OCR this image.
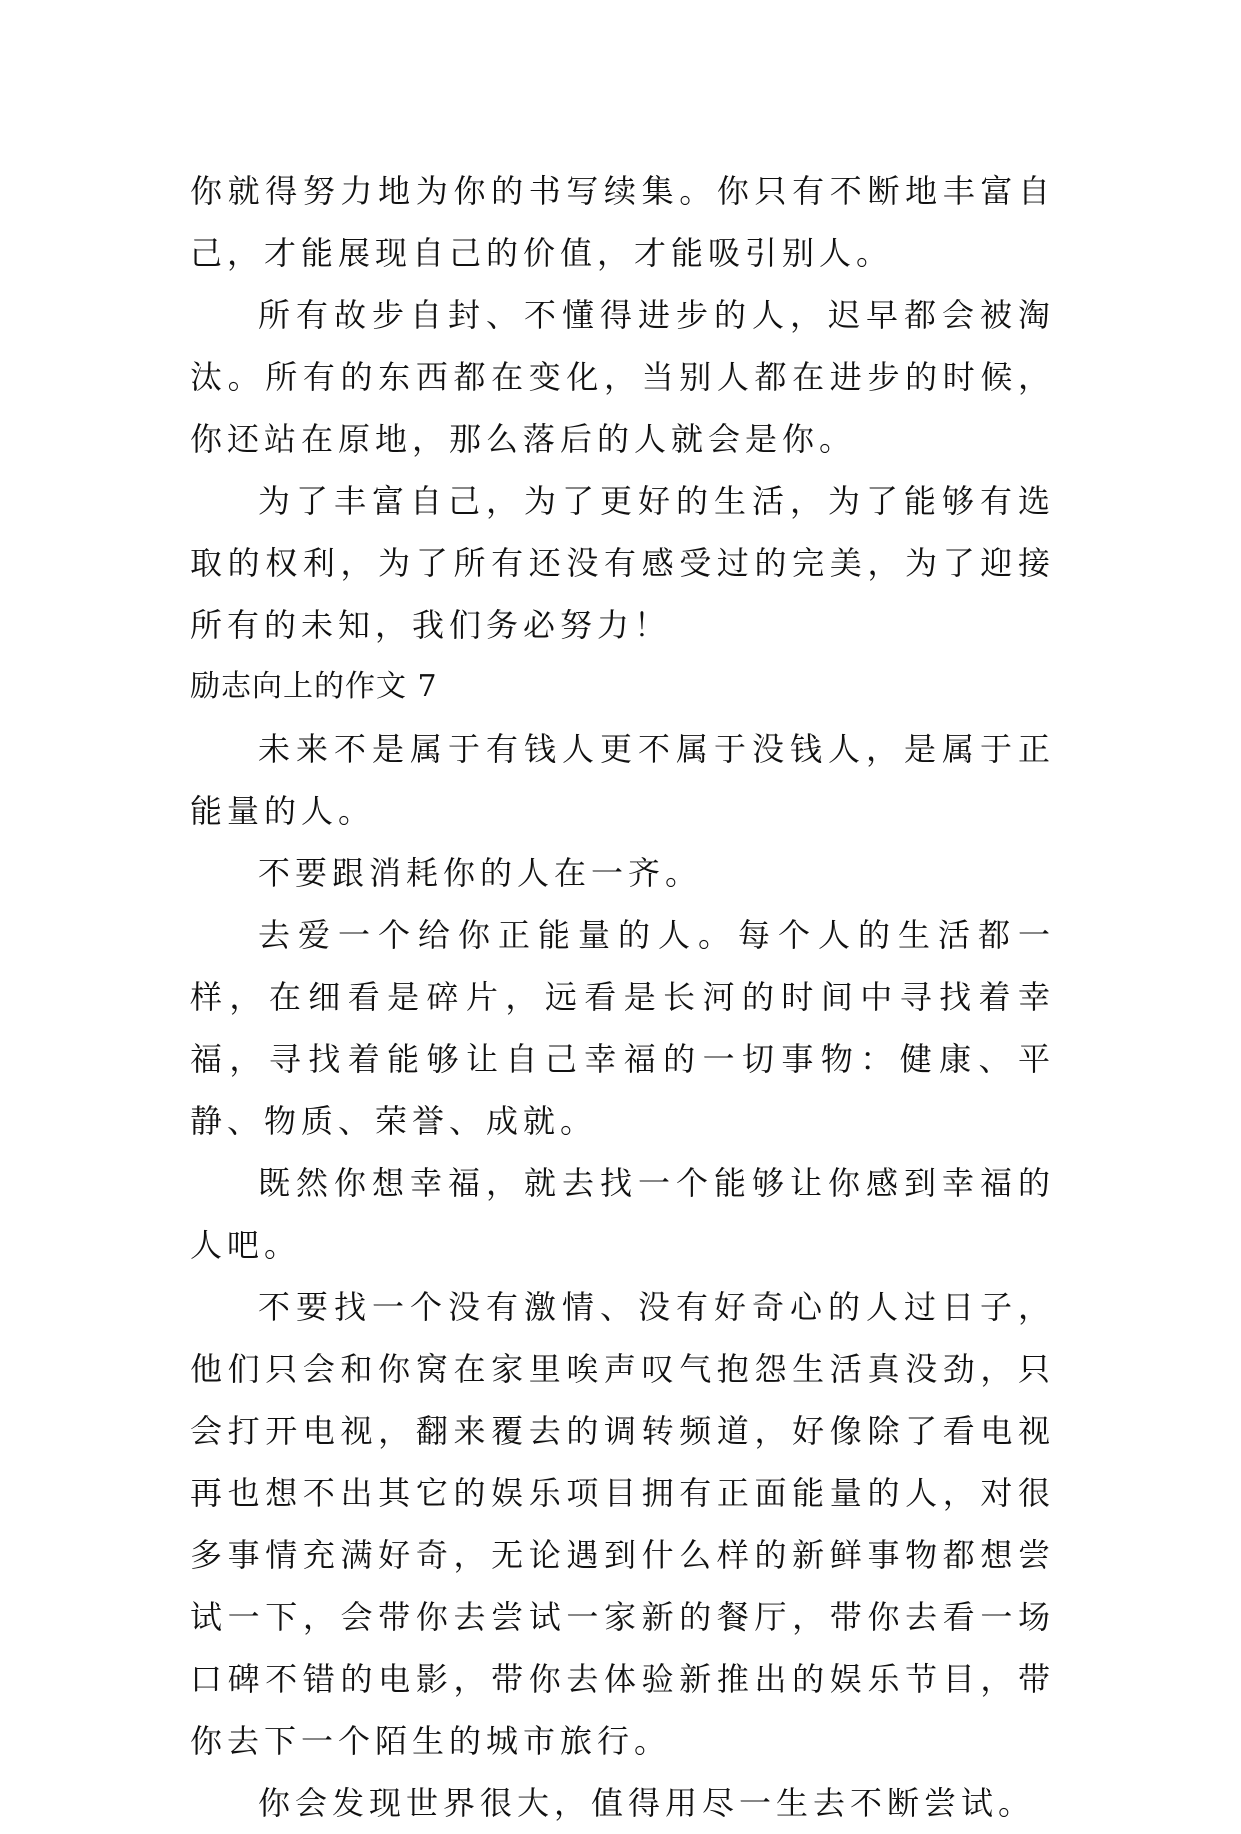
你就得努力地为你的书写续集。你只有不断地丰富自己，才能展现自己的价值，才能吸引别人。

所有故步自封、不懂得进步的人，迟早都会被淘汰。所有的东西都在变化，当别人都在进步的时候，你还站在原地，那么落后的人就会是你。

为了丰富自己，为了更好的生活，为了能够有选取的权利，为了所有还没有感受过的完美，为了迎接所有的未知，我们务必努力！

励志向上的作文 7

未来不是属于有钱人更不属于没钱人，是属于正能量的人。

不要跟消耗你的人在一齐。

去爱一个给你正能量的人。每个人的生活都一样，在细看是碎片，远看是长河的时间中寻找着幸福，寻找着能够让自己幸福的一切事物：健康、平静、物质、荣誉、成就。

既然你想幸福，就去找一个能够让你感到幸福的人吧。

不要找一个没有激情、没有好奇心的人过日子，他们只会和你窝在家里唉声叹气抱怨生活真没劲，只会打开电视，翻来覆去的调转频道，好像除了看电视再也想不出其它的娱乐项目拥有正面能量的人，对很多事情充满好奇，无论遇到什么样的新鲜事物都想尝试一下，会带你去尝试一家新的餐厅，带你去看一场口碑不错的电影，带你去体验新推出的娱乐节目，带你去下一个陌生的城市旅行。

你会发现世界很大，值得用尽一生去不断尝试。
